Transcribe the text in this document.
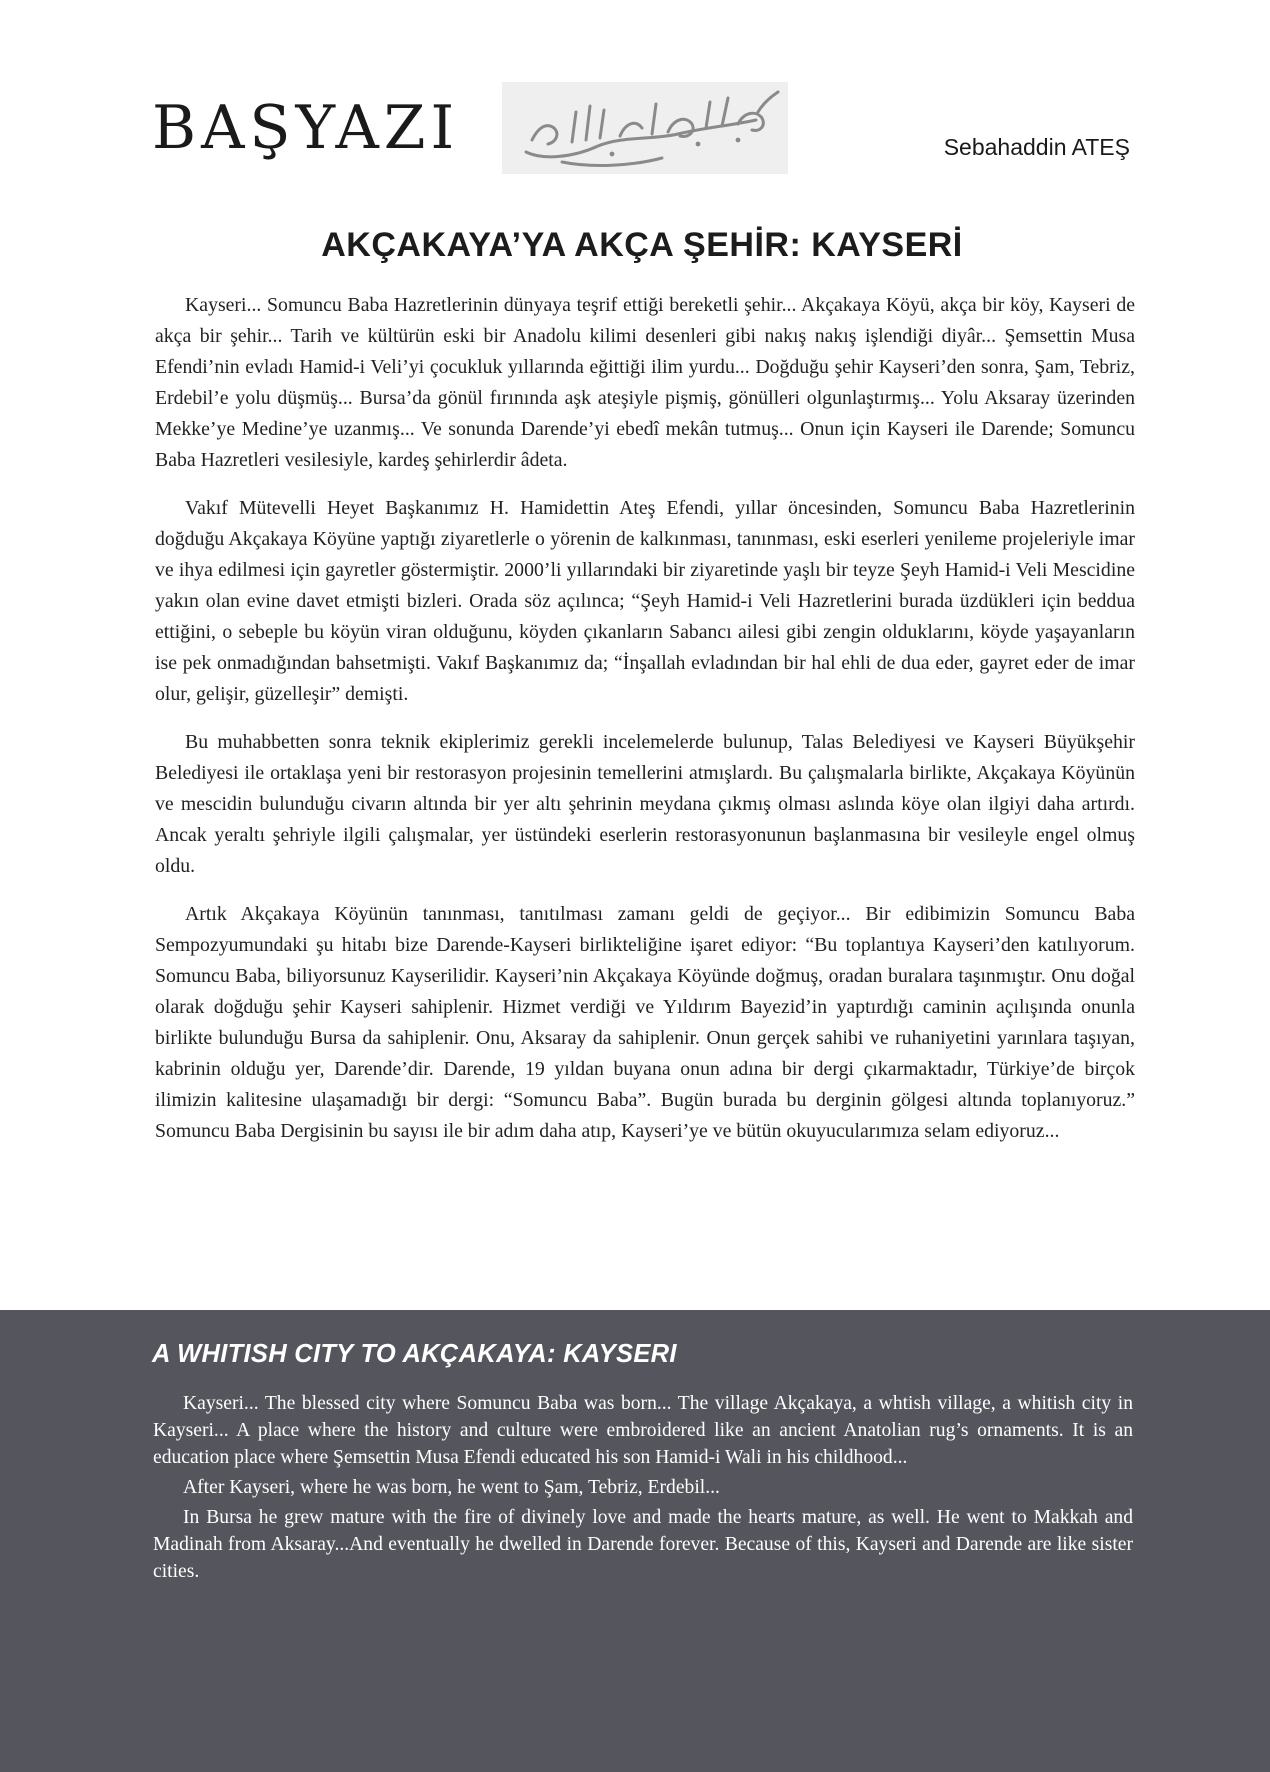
BAŞYAZI	Sebahaddin ATEŞ
AKÇAKAYA’YA AKÇA ŞEHİR: KAYSERİ

Kayseri... Somuncu Baba Hazretlerinin dünyaya teşrif ettiği bereketli şehir... Akçakaya Köyü, akça bir köy, Kayseri de akça bir şehir... Tarih ve kültürün eski bir Anadolu kilimi desenleri gibi nakış nakış işlendiği diyâr... Şemsettin Musa Efendi’nin evladı Hamid-i Veli’yi çocukluk yıllarında eğittiği ilim yurdu... Doğduğu şehir Kayseri’den sonra, Şam, Tebriz, Erdebil’e yolu düşmüş... Bursa’da gönül fırınında aşk ateşiyle pişmiş, gönülleri olgunlaştırmış... Yolu Aksaray üzerinden Mekke’ye Medine’ye uzanmış... Ve sonunda Darende’yi ebedî mekân tutmuş... Onun için Kayseri ile Darende; Somuncu Baba Hazretleri vesilesiyle, kardeş şehirlerdir âdeta.

Vakıf Mütevelli Heyet Başkanımız H. Hamidettin Ateş Efendi, yıllar öncesinden, Somuncu Baba Hazretlerinin doğduğu Akçakaya Köyüne yaptığı ziyaretlerle o yörenin de kalkınması, tanınması, eski eserleri yenileme projeleriyle imar ve ihya edilmesi için gayretler göstermiştir. 2000’li yıllarındaki bir ziyaretinde yaşlı bir teyze Şeyh Hamid-i Veli Mescidine yakın olan evine davet etmişti bizleri. Orada söz açılınca; “Şeyh Hamid-i Veli Hazretlerini burada üzdükleri için beddua ettiğini, o sebeple bu köyün viran olduğunu, köyden çıkanların Sabancı ailesi gibi zengin olduklarını, köyde yaşayanların ise pek onmadığından bahsetmişti. Vakıf Başkanımız da; “İnşallah evladından bir hal ehli de dua eder, gayret eder de imar olur, gelişir, güzelleşir” demişti.

Bu muhabbetten sonra teknik ekiplerimiz gerekli incelemelerde bulunup, Talas Belediyesi ve Kayseri Büyükşehir Belediyesi ile ortaklaşa yeni bir restorasyon projesinin temellerini atmışlardı. Bu çalışmalarla birlikte, Akçakaya Köyünün ve mescidin bulunduğu civarın altında bir yer altı şehrinin meydana çıkmış olması aslında köye olan ilgiyi daha artırdı. Ancak yeraltı şehriyle ilgili çalışmalar, yer üstündeki eserlerin restorasyonunun başlanmasına bir vesileyle engel olmuş oldu.

Artık Akçakaya Köyünün tanınması, tanıtılması zamanı geldi de geçiyor... Bir edibimizin Somuncu Baba Sempozyumundaki şu hitabı bize Darende-Kayseri birlikteliğine işaret ediyor: “Bu toplantıya Kayseri’den katılıyorum. Somuncu Baba, biliyorsunuz Kayserilidir. Kayseri’nin Akçakaya Köyünde doğmuş, oradan buralara taşınmıştır. Onu doğal olarak doğduğu şehir Kayseri sahiplenir. Hizmet verdiği ve Yıldırım Bayezid’in yaptırdığı caminin açılışında onunla birlikte bulunduğu Bursa da sahiplenir. Onu, Aksaray da sahiplenir. Onun gerçek sahibi ve ruhaniyetini yarınlara taşıyan, kabrinin olduğu yer, Darende’dir. Darende, 19 yıldan buyana onun adına bir dergi çıkarmaktadır, Türkiye’de birçok ilimizin kalitesine ulaşamadığı bir dergi: “Somuncu Baba”. Bugün burada bu derginin gölgesi altında toplanıyoruz.” Somuncu Baba Dergisinin bu sayısı ile bir adım daha atıp, Kayseri’ye ve bütün okuyucularımıza selam ediyoruz...

A WHITISH CITY TO AKÇAKAYA: KAYSERI

Kayseri... The blessed city where Somuncu Baba was born... The village Akçakaya, a whtish village, a whitish city in Kayseri... A place where the history and culture were embroidered like an ancient Anatolian rug’s ornaments. It is an education place where Şemsettin Musa Efendi educated his son Hamid-i Wali in his childhood...

After Kayseri, where he was born, he went to Şam, Tebriz, Erdebil...

In Bursa he grew mature with the fire of divinely love and made the hearts mature, as well. He went to Makkah and Madinah from Aksaray...And eventually he dwelled in Darende forever. Because of this, Kayseri and Darende are like sister cities.
